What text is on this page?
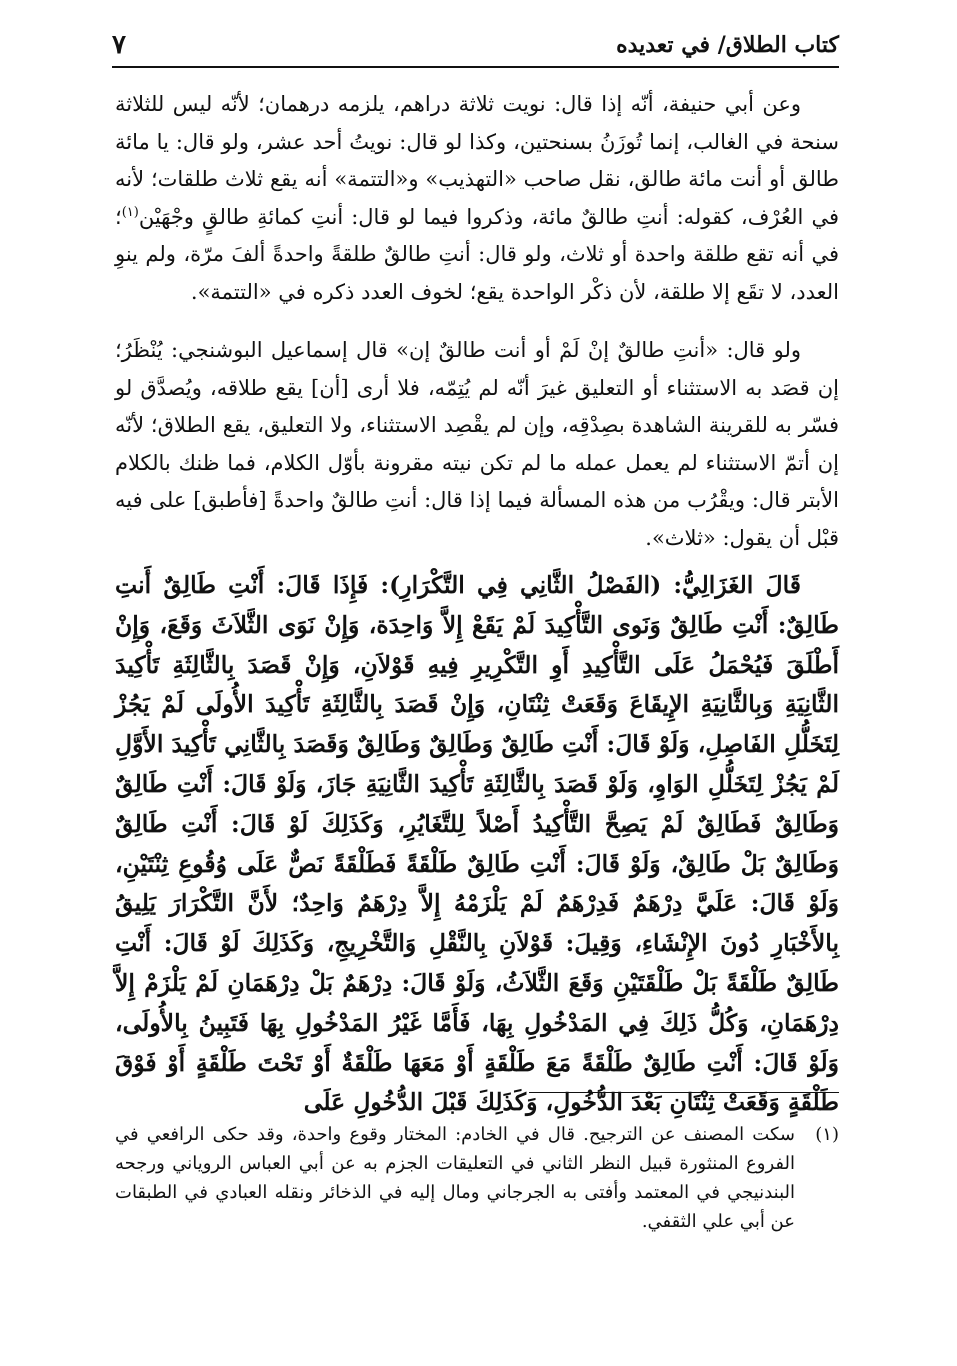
كتاب الطلاق/ في تعديده
٧

وعن أبي حنيفة، أنّه إذا قال: نويت ثلاثة دراهم، يلزمه درهمان؛ لأنّه ليس للثلاثة سنحة في الغالب، إنما تُوزَنُ بسنحتين، وكذا لو قال: نويتُ أحد عشر، ولو قال: يا مائة طالق أو أنت مائة طالق، نقل صاحب «التهذيب» و«التتمة» أنه يقع ثلاث طلقات؛ لأنه في العُرْف، كقوله: أنتِ طالقٌ مائة، وذكروا فيما لو قال: أنتِ كمائةِ طالقٍ وجْهَيْن$^{(١)}$؛ في أنه تقع طلقة واحدة أو ثلاث، ولو قال: أنتِ طالقٌ طلقةً واحدةً ألفَ مرّة، ولم ينوِ العدد، لا تقَع إلا طلقة، لأن ذكْر الواحدة يقع؛ لخوف العدد ذكره في «التتمة».

ولو قال: «أنتِ طالقٌ إنْ لَمْ أو أنت طالقٌ إن» قال إسماعيل البوشنجي: يُنْظَرُ؛ إن قصَد به الاستثناء أو التعليق غيرَ أنّه لم يُتِمّه، فلا أرى [أن] يقع طلاقه، ويُصدَّق لو فسّر به للقرينة الشاهدة بصِدْقِه، وإن لم يقْصِد الاستثناء، ولا التعليق، يقع الطلاق؛ لأنّه إن أتمّ الاستثناء لم يعمل عمله ما لم تكن نيته مقرونة بأوّل الكلام، فما ظنك بالكلام الأبتر قال: ويقْرُب من هذه المسألة فيما إذا قال: أنتِ طالقٌ واحدةً [فأطبق] على فيه قبْل أن يقول: «ثلاث».

قَالَ الغَزَالِيُّ: (الفَصْلُ الثَّانِي فِي التَّكْرَارِ): فَإِذَا قَالَ: أَنْتِ طَالِقٌ أَنتِ طَالِقٌ: أَنْتِ طَالِقٌ وَنَوى التَّأْكِيدَ لَمْ يَقَعْ إِلاَّ وَاحِدَة، وَإِنْ نَوَى الثَّلاَثَ وَقَعَ، وَإِنْ أَطْلَقَ فَيُحْمَلُ عَلَى التَّأْكِيدِ أَوِ التَّكْرِيرِ فِيهِ قَوْلاَنِ، وَإِنْ قَصَدَ بِالثَّالِثَةِ تَأْكِيدَ الثَّانِيَةِ وَبِالثَّانِيَةِ الإِيقَاعَ وَقَعَتْ ثِنْتَانِ، وَإِنْ قَصَدَ بِالثَّالِثَةِ تَأْكِيدَ الأُولَى لَمْ يَجُزْ لِتَخَلُّلِ الفَاصِلِ، وَلَوْ قَالَ: أَنْتِ طَالِقٌ وَطَالِقٌ وَطَالِقٌ وَقَصَدَ بِالثَّانِي تَأْكِيدَ الأَوَّلِ لَمْ يَجُزْ لِتَخَلُّلِ الوَاوِ، وَلَوْ قَصَدَ بِالثَّالِثَةِ تَأْكِيدَ الثَّانِيَةِ جَازَ، وَلَوْ قَالَ: أَنْتِ طَالِقٌ وَطَالِقٌ فَطَالِقٌ لَمْ يَصِحَّ التَّأْكِيدُ أَصْلاً لِلتَّغَايُرِ، وَكَذَلِكَ لَوْ قَالَ: أَنْتِ طَالِقٌ وَطَالِقٌ بَلْ طَالِقٌ، وَلَوْ قَالَ: أَنْتِ طَالِقٌ طَلْقَةً فَطَلْقَةً نَصٌّ عَلَى وُقُوعِ ثِنْتَيْنِ، وَلَوْ قَالَ: عَلَيَّ دِرْهَمٌ فَدِرْهَمٌ لَمْ يَلْزَمْهُ إِلاَّ دِرْهَمٌ وَاحِدٌ؛ لأَنَّ التَّكْرَارَ يَلِيقُ بِالأَخْبَارِ دُونَ الإِنْشَاءِ، وَقِيلَ: قَوْلاَنِ بِالنَّقْلِ وَالتَّخْرِيجِ، وَكَذَلِكَ لَوْ قَالَ: أَنْتِ طَالِقٌ طَلْقَةً بَلْ طَلْقَتَيْنِ وَقَعَ الثَّلاَثُ، وَلَوْ قَالَ: دِرْهَمٌ بَلْ دِرْهَمَانِ لَمْ يَلْزَمْ إِلاَّ دِرْهَمَانِ، وَكُلُّ ذَلِكَ فِي المَدْخُولِ بِهَا، فَأَمَّا غَيْرُ المَدْخُولِ بِهَا فَتَبِينُ بِالأُولَى، وَلَوْ قَالَ: أَنْتِ طَالِقٌ طَلْقَةً مَعَ طَلْقَةٍ أَوْ مَعَهَا طَلْقَةٌ أَوْ تَحْتَ طَلْقَةٍ أَوْ فَوْقَ طَلْقَةٍ وَقَعَتْ ثِنْتَانِ بَعْدَ الدُّخُولِ، وَكَذَلِكَ قَبْلَ الدُّخُولِ عَلَى

(١)
سكت المصنف عن الترجيح. قال في الخادم: المختار وقوع واحدة، وقد حكى الرافعي في الفروع المنثورة قبيل النظر الثاني في التعليقات الجزم به عن أبي العباس الروياني ورجحه البندنيجي في المعتمد وأفتى به الجرجاني ومال إليه في الذخائر ونقله العبادي في الطبقات عن أبي علي الثقفي.
